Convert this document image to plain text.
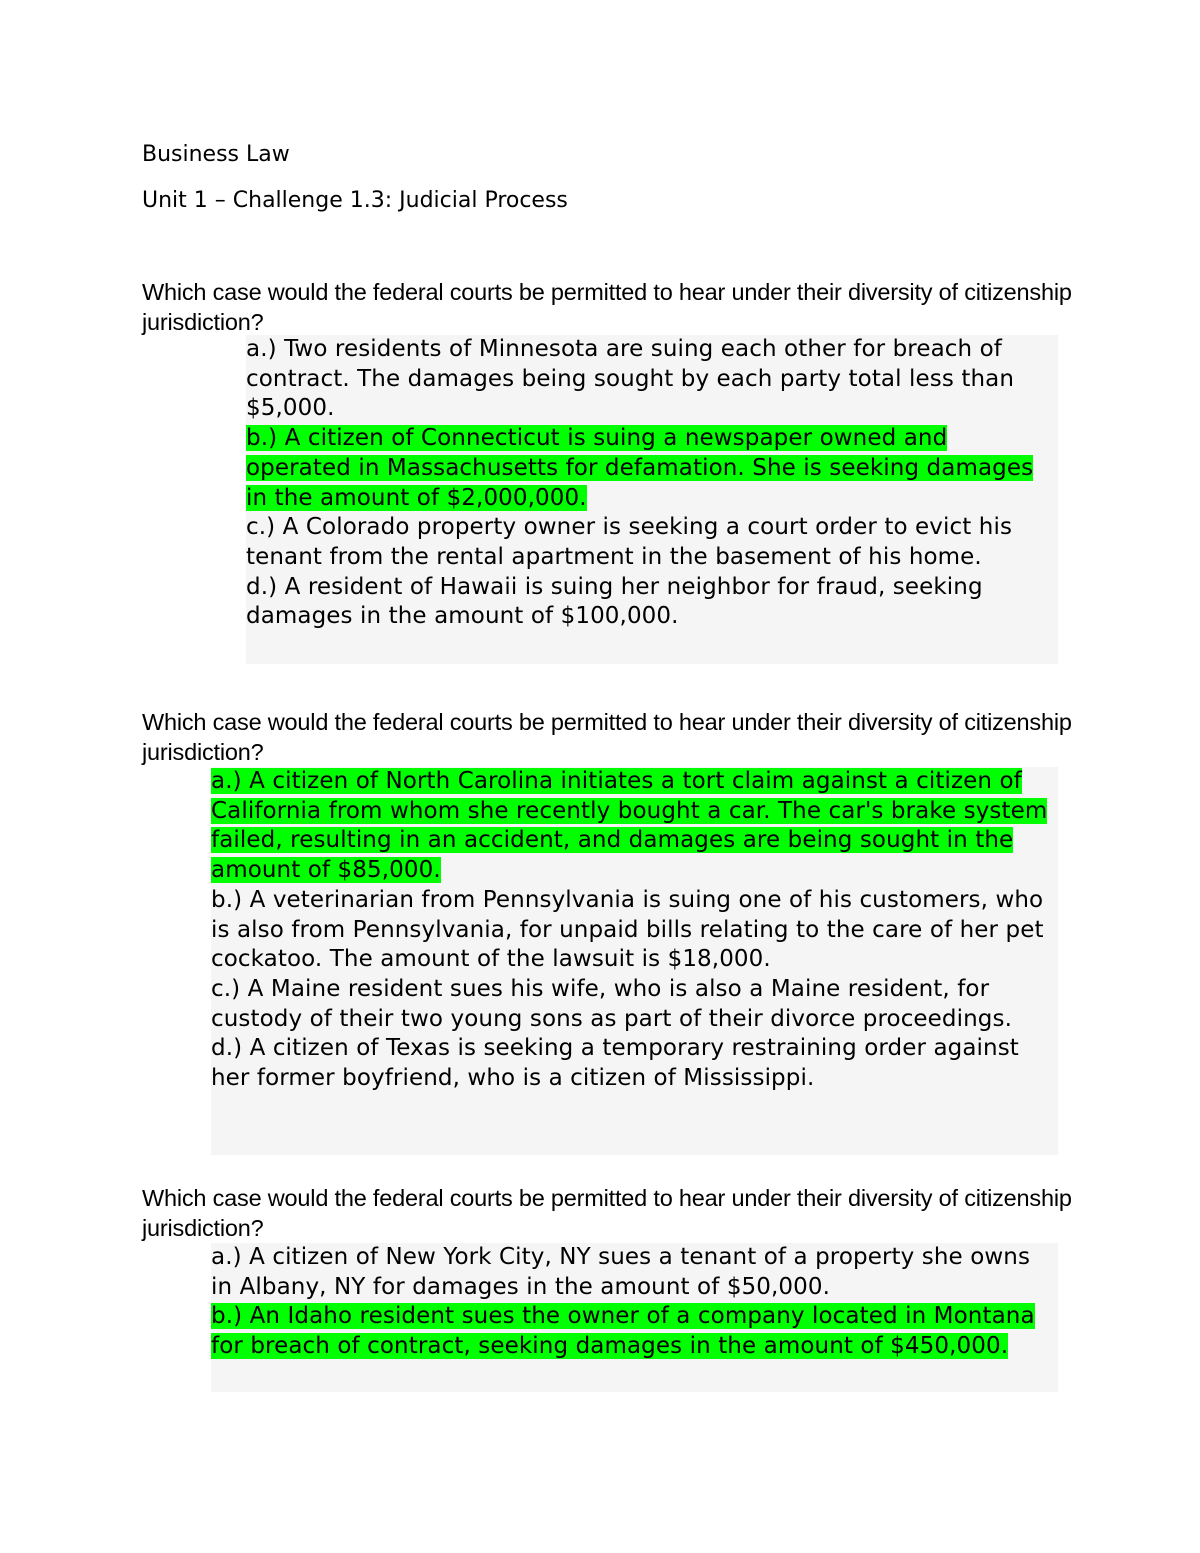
Business Law
Unit 1 – Challenge 1.3: Judicial Process
Which case would the federal courts be permitted to hear under their diversity of citizenship jurisdiction?
a.) Two residents of Minnesota are suing each other for breach of contract. The damages being sought by each party total less than $5,000.
b.) A citizen of Connecticut is suing a newspaper owned and operated in Massachusetts for defamation. She is seeking damages in the amount of $2,000,000.
c.) A Colorado property owner is seeking a court order to evict his tenant from the rental apartment in the basement of his home.
d.) A resident of Hawaii is suing her neighbor for fraud, seeking damages in the amount of $100,000.
Which case would the federal courts be permitted to hear under their diversity of citizenship jurisdiction?
a.) A citizen of North Carolina initiates a tort claim against a citizen of California from whom she recently bought a car. The car's brake system failed, resulting in an accident, and damages are being sought in the amount of $85,000.
b.) A veterinarian from Pennsylvania is suing one of his customers, who is also from Pennsylvania, for unpaid bills relating to the care of her pet cockatoo. The amount of the lawsuit is $18,000.
c.) A Maine resident sues his wife, who is also a Maine resident, for custody of their two young sons as part of their divorce proceedings.
d.) A citizen of Texas is seeking a temporary restraining order against her former boyfriend, who is a citizen of Mississippi.
Which case would the federal courts be permitted to hear under their diversity of citizenship jurisdiction?
a.) A citizen of New York City, NY sues a tenant of a property she owns in Albany, NY for damages in the amount of $50,000.
b.) An Idaho resident sues the owner of a company located in Montana for breach of contract, seeking damages in the amount of $450,000.
